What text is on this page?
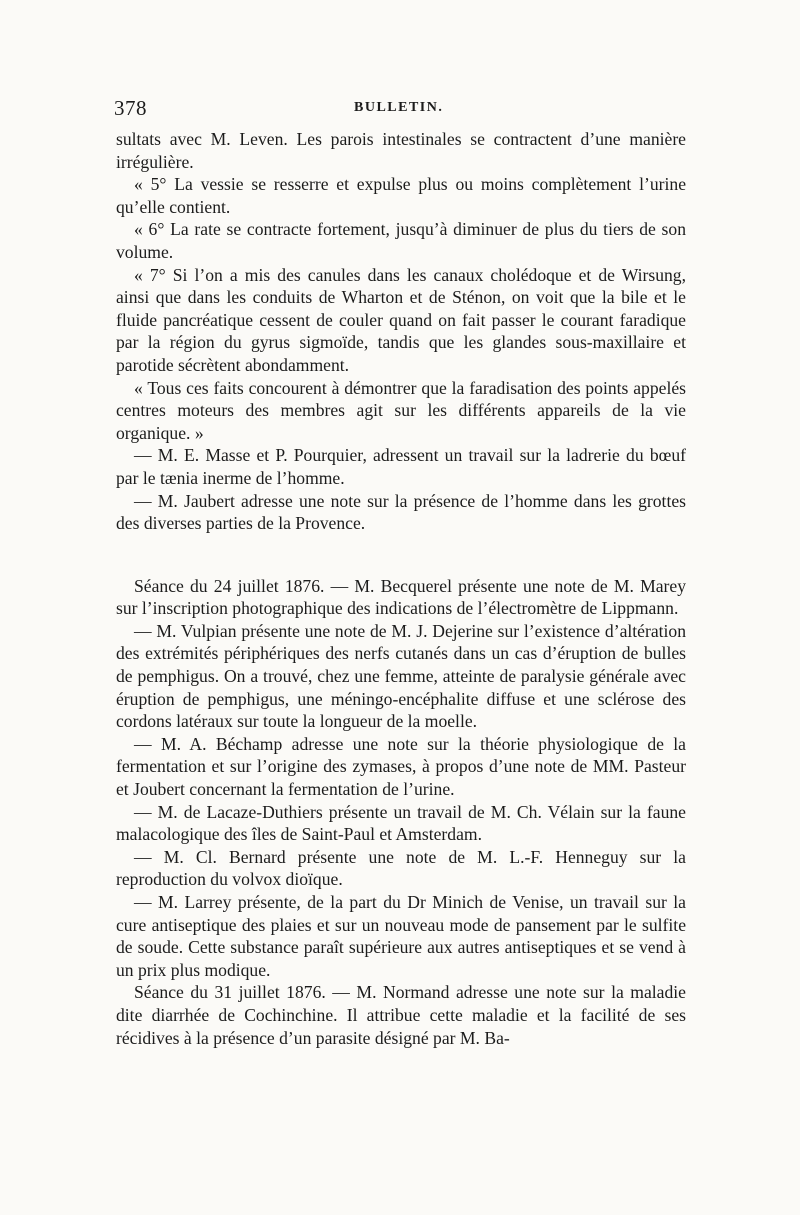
378	BULLETIN.

sultats avec M. Leven. Les parois intestinales se contractent d’une manière irrégulière.

« 5° La vessie se resserre et expulse plus ou moins complètement l’urine qu’elle contient.

« 6° La rate se contracte fortement, jusqu’à diminuer de plus du tiers de son volume.

« 7° Si l’on a mis des canules dans les canaux cholédoque et de Wirsung, ainsi que dans les conduits de Wharton et de Sténon, on voit que la bile et le fluide pancréatique cessent de couler quand on fait passer le courant faradique par la région du gyrus sigmoïde, tandis que les glandes sous-maxillaire et parotide sécrètent abondamment.

« Tous ces faits concourent à démontrer que la faradisation des points appelés centres moteurs des membres agit sur les différents appareils de la vie organique. »

— M. E. Masse et P. Pourquier, adressent un travail sur la ladrerie du bœuf par le tænia inerme de l’homme.

— M. Jaubert adresse une note sur la présence de l’homme dans les grottes des diverses parties de la Provence.

Séance du 24 juillet 1876. — M. Becquerel présente une note de M. Marey sur l’inscription photographique des indications de l’électromètre de Lippmann.

— M. Vulpian présente une note de M. J. Dejerine sur l’existence d’altération des extrémités périphériques des nerfs cutanés dans un cas d’éruption de bulles de pemphigus. On a trouvé, chez une femme, atteinte de paralysie générale avec éruption de pemphigus, une méningo-encéphalite diffuse et une sclérose des cordons latéraux sur toute la longueur de la moelle.

— M. A. Béchamp adresse une note sur la théorie physiologique de la fermentation et sur l’origine des zymases, à propos d’une note de MM. Pasteur et Joubert concernant la fermentation de l’urine.

— M. de Lacaze-Duthiers présente un travail de M. Ch. Vélain sur la faune malacologique des îles de Saint-Paul et Amsterdam.

— M. Cl. Bernard présente une note de M. L.-F. Henneguy sur la reproduction du volvox dioïque.

— M. Larrey présente, de la part du Dr Minich de Venise, un travail sur la cure antiseptique des plaies et sur un nouveau mode de pansement par le sulfite de soude. Cette substance paraît supérieure aux autres antiseptiques et se vend à un prix plus modique.

Séance du 31 juillet 1876. — M. Normand adresse une note sur la maladie dite diarrhée de Cochinchine. Il attribue cette maladie et la facilité de ses récidives à la présence d’un parasite désigné par M. Ba-
